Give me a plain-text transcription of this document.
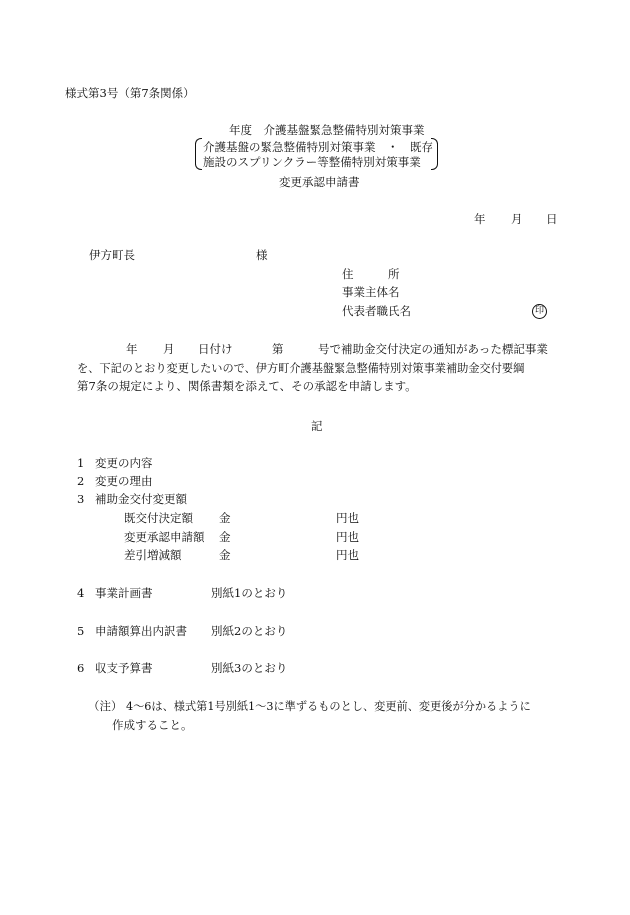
様式第3号（第7条関係）
年度　介護基盤緊急整備特別対策事業
介護基盤の緊急整備特別対策事業　・　既存
施設のスプリンクラー等整備特別対策事業
変更承認申請書
年 月 日
伊方町長	様
住　　　所
事業主体名
代表者職氏名	印
年 月 日付け	第	号で補助金交付決定の通知があった標記事業
を、下記のとおり変更したいので、伊方町介護基盤緊急整備特別対策事業補助金交付要綱
第7条の規定により、関係書類を添えて、その承認を申請します。
記
1 変更の内容
2 変更の理由
3 補助金交付変更額
既交付決定額 金	円也
変更承認申請額 金	円也
差引増減額	金	円也
4 事業計画書	別紙1のとおり
5 申請額算出内訳書 別紙2のとおり
6 収支予算書	別紙3のとおり
（注） 4～6は、様式第1号別紙1～3に準ずるものとし、変更前、変更後が分かるように
作成すること。
